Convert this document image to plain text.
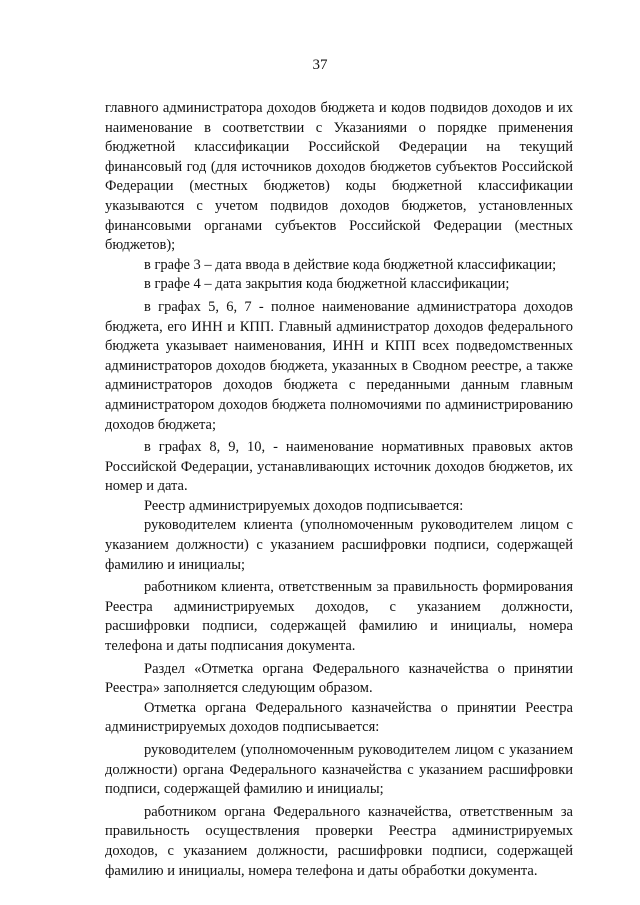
37

главного администратора доходов бюджета и кодов подвидов доходов и их наименование в соответствии с Указаниями о порядке применения бюджетной классификации Российской Федерации на текущий финансовый год (для источников доходов бюджетов субъектов Российской Федерации (местных бюджетов) коды бюджетной классификации указываются с учетом подвидов доходов бюджетов, установленных финансовыми органами субъектов Российской Федерации (местных бюджетов);

в графе 3 – дата ввода в действие кода бюджетной классификации;

в графе 4 – дата закрытия кода бюджетной классификации;

в графах 5, 6, 7 - полное наименование администратора доходов бюджета, его ИНН и КПП. Главный администратор доходов федерального бюджета указывает наименования, ИНН и КПП всех подведомственных администраторов доходов бюджета, указанных в Сводном реестре, а также администраторов доходов бюджета с переданными данным главным администратором доходов бюджета полномочиями по администрированию доходов бюджета;

в графах 8, 9, 10, - наименование нормативных правовых актов Российской Федерации, устанавливающих источник доходов бюджетов, их номер и дата.

Реестр администрируемых доходов подписывается:

руководителем клиента (уполномоченным руководителем лицом с указанием должности) с указанием расшифровки подписи, содержащей фамилию и инициалы;

работником клиента, ответственным за правильность формирования Реестра администрируемых доходов, с указанием должности, расшифровки подписи, содержащей фамилию и инициалы, номера телефона и даты подписания документа.

Раздел «Отметка органа Федерального казначейства о принятии Реестра» заполняется следующим образом.

Отметка органа Федерального казначейства о принятии Реестра администрируемых доходов подписывается:

руководителем (уполномоченным руководителем лицом с указанием должности) органа Федерального казначейства с указанием расшифровки подписи, содержащей фамилию и инициалы;

работником органа Федерального казначейства, ответственным за правильность осуществления проверки Реестра администрируемых доходов, с указанием должности, расшифровки подписи, содержащей фамилию и инициалы, номера телефона и даты обработки документа.
